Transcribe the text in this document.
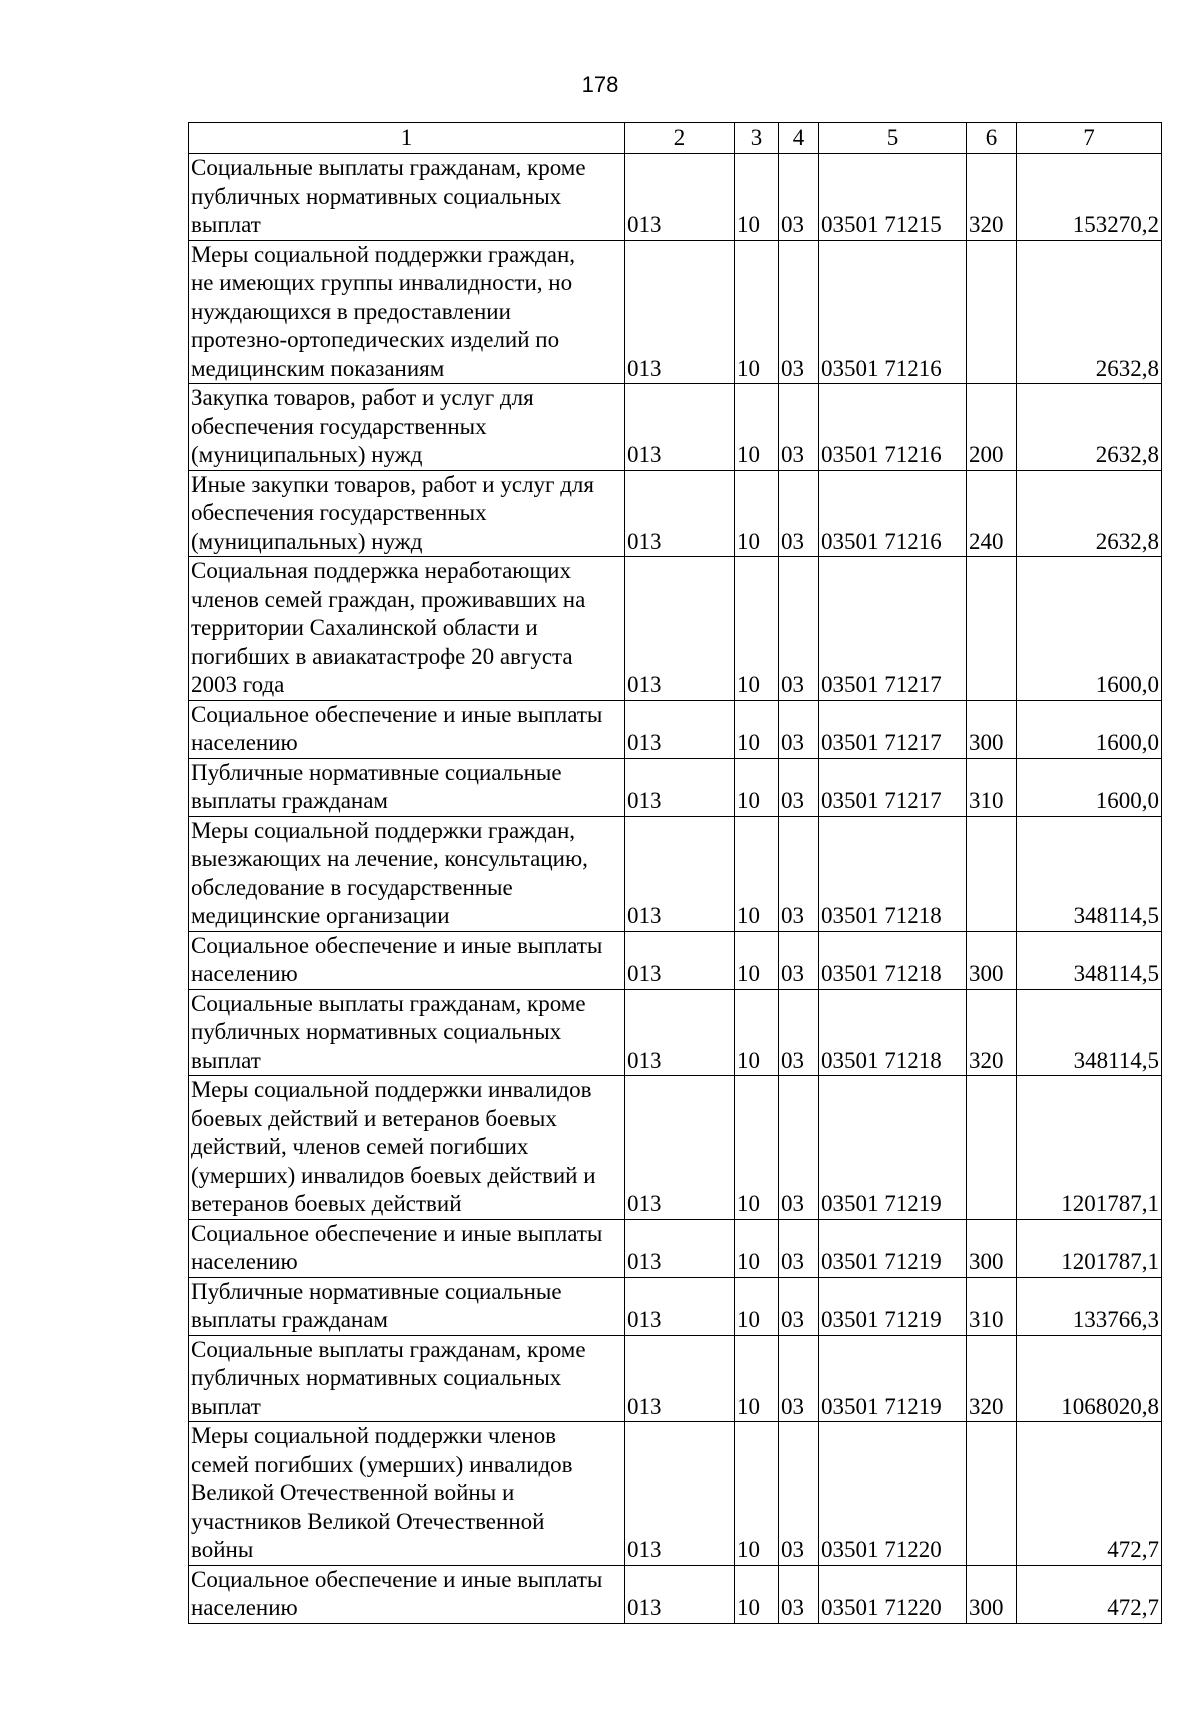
178
1	2	3	4	5	6	7

Социальные выплаты гражданам, кроме
публичных нормативных социальных
выплат	013	10	03	03501 71215	320	153270,2

Меры социальной поддержки граждан,
не имеющих группы инвалидности, но
нуждающихся в предоставлении
протезно-ортопедических изделий по
медицинским показаниям	013	10	03	03501 71216		2632,8

Закупка товаров, работ и услуг для
обеспечения государственных
(муниципальных) нужд	013	10	03	03501 71216	200	2632,8

Иные закупки товаров, работ и услуг для
обеспечения государственных
(муниципальных) нужд	013	10	03	03501 71216	240	2632,8

Социальная поддержка неработающих
членов семей граждан, проживавших на
территории Сахалинской области и
погибших в авиакатастрофе 20 августа
2003 года	013	10	03	03501 71217		1600,0

Социальное обеспечение и иные выплаты
населению	013	10	03	03501 71217	300	1600,0

Публичные нормативные социальные
выплаты гражданам	013	10	03	03501 71217	310	1600,0

Меры социальной поддержки граждан,
выезжающих на лечение, консультацию,
обследование в государственные
медицинские организации	013	10	03	03501 71218		348114,5

Социальное обеспечение и иные выплаты
населению	013	10	03	03501 71218	300	348114,5

Социальные выплаты гражданам, кроме
публичных нормативных социальных
выплат	013	10	03	03501 71218	320	348114,5

Меры социальной поддержки инвалидов
боевых действий и ветеранов боевых
действий, членов семей погибших
(умерших) инвалидов боевых действий и
ветеранов боевых действий	013	10	03	03501 71219		1201787,1

Социальное обеспечение и иные выплаты
населению	013	10	03	03501 71219	300	1201787,1

Публичные нормативные социальные
выплаты гражданам	013	10	03	03501 71219	310	133766,3

Социальные выплаты гражданам, кроме
публичных нормативных социальных
выплат	013	10	03	03501 71219	320	1068020,8

Меры социальной поддержки членов
семей погибших (умерших) инвалидов
Великой Отечественной войны и
участников Великой Отечественной
войны	013	10	03	03501 71220		472,7

Социальное обеспечение и иные выплаты
населению	013	10	03	03501 71220	300	472,7
